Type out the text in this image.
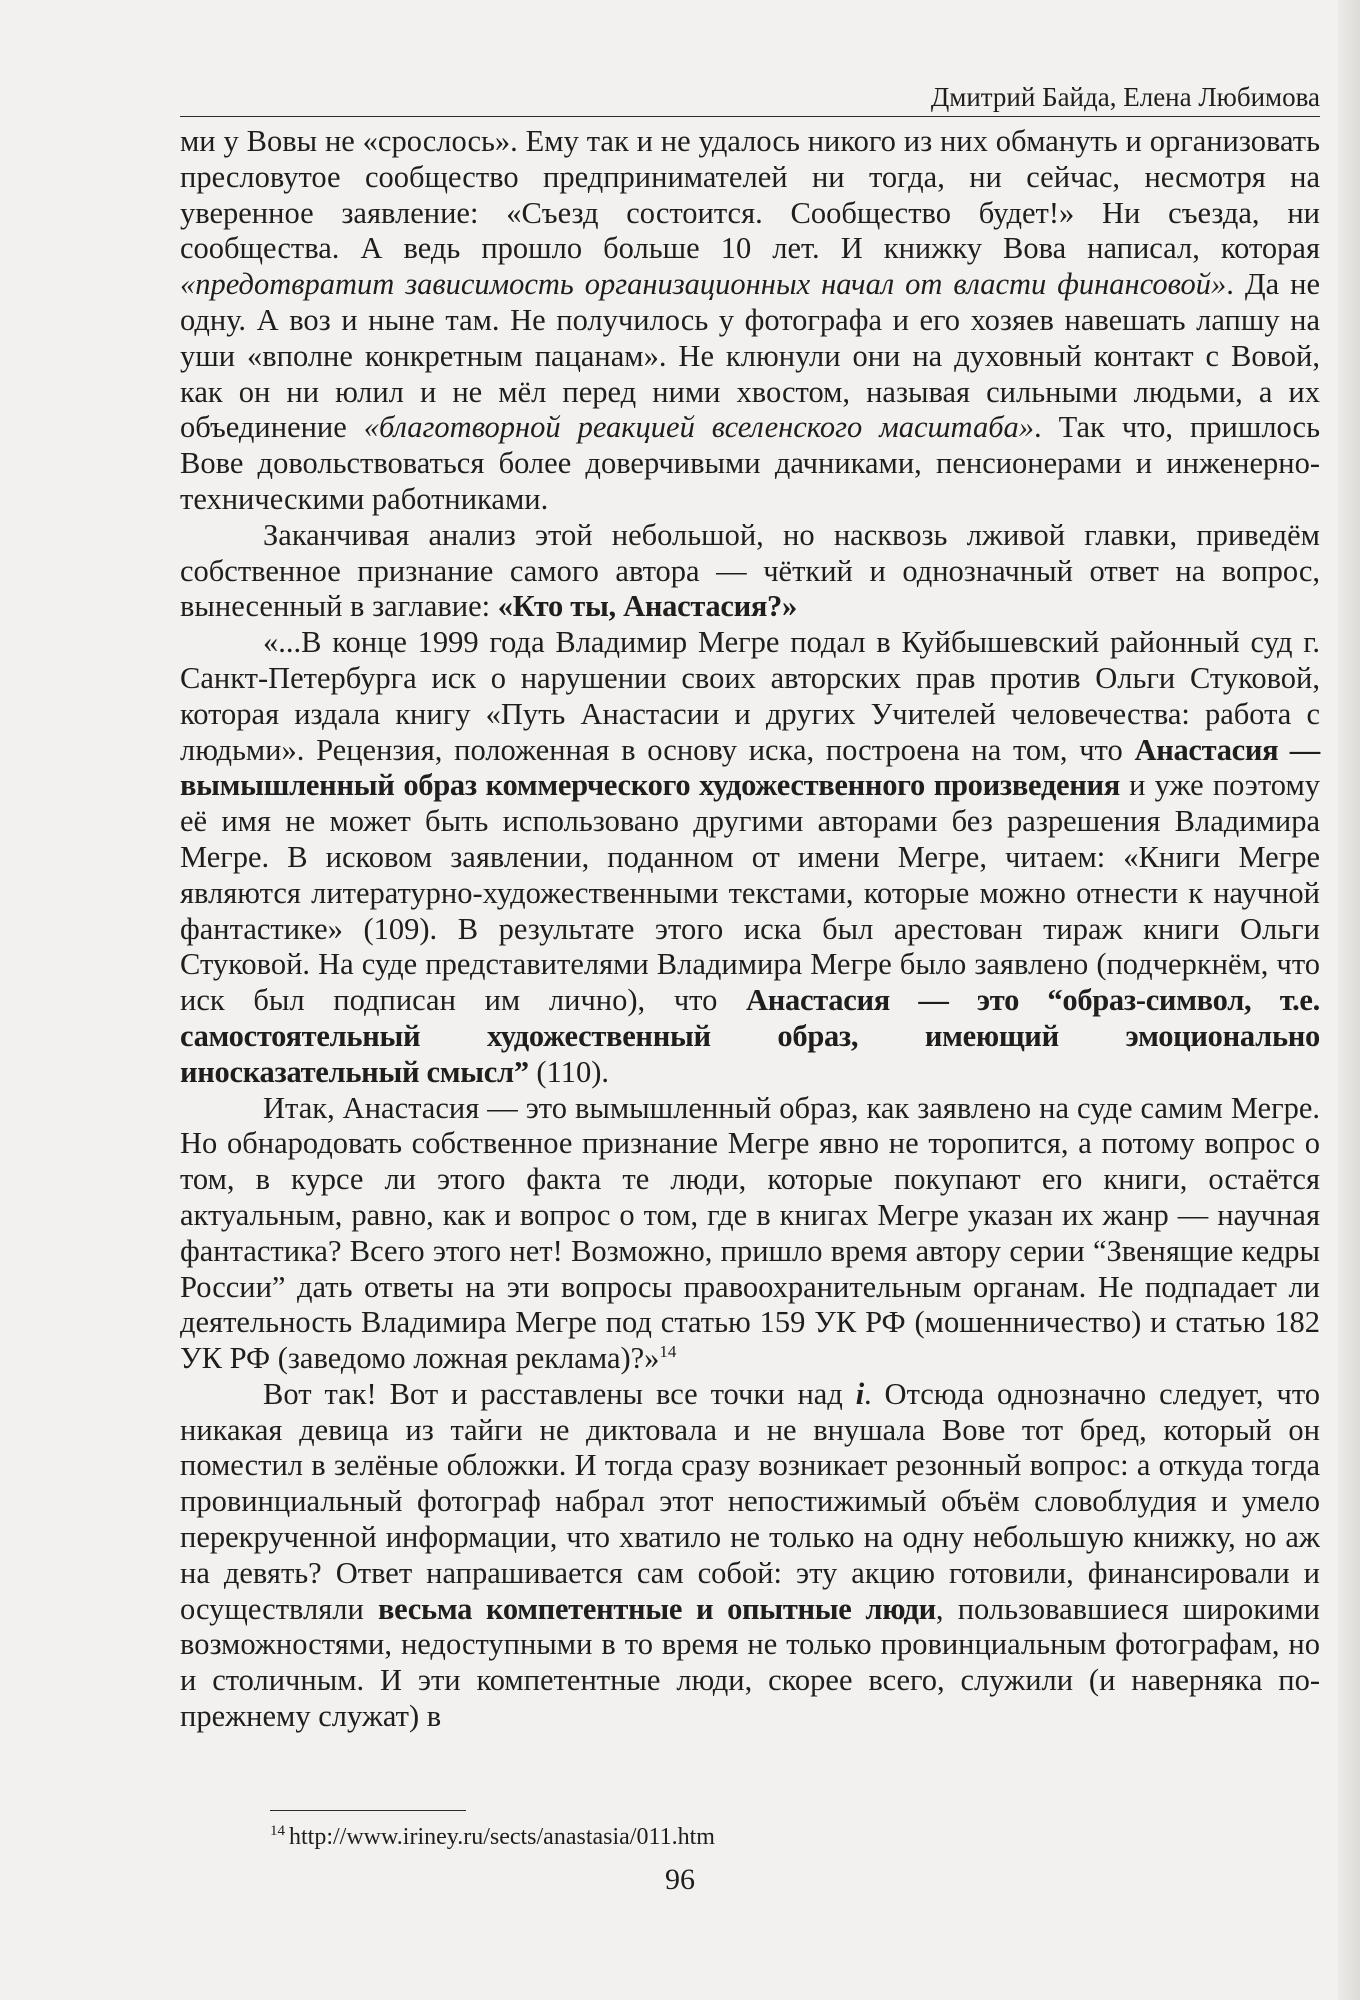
Дмитрий Байда, Елена Любимова

ми у Вовы не «срослось». Ему так и не удалось никого из них обмануть и организовать пресловутое сообщество предпринимателей ни тогда, ни сейчас, несмотря на уверенное заявление: «Съезд состоится. Сообщество будет!» Ни съезда, ни сообщества. А ведь прошло больше 10 лет. И книжку Вова написал, которая «предотвратит зависимость организационных начал от власти финансовой». Да не одну. А воз и ныне там. Не получилось у фотографа и его хозяев навешать лапшу на уши «вполне конкретным пацанам». Не клюнули они на духовный контакт с Вовой, как он ни юлил и не мёл перед ними хвостом, называя сильными людьми, а их объединение «благотворной реакцией вселенского масштаба». Так что, пришлось Вове довольствоваться более доверчивыми дачниками, пенсионерами и инженерно-техническими работниками.

Заканчивая анализ этой небольшой, но насквозь лживой главки, приведём собственное признание самого автора — чёткий и однозначный ответ на вопрос, вынесенный в заглавие: «Кто ты, Анастасия?»

«...В конце 1999 года Владимир Мегре подал в Куйбышевский районный суд г. Санкт-Петербурга иск о нарушении своих авторских прав против Ольги Стуковой, которая издала книгу «Путь Анастасии и других Учителей человечества: работа с людьми». Рецензия, положенная в основу иска, построена на том, что Анастасия — вымышленный образ коммерческого художественного произведения и уже поэтому её имя не может быть использовано другими авторами без разрешения Владимира Мегре. В исковом заявлении, поданном от имени Мегре, читаем: «Книги Мегре являются литературно-художественными текстами, которые можно отнести к научной фантастике» (109). В результате этого иска был арестован тираж книги Ольги Стуковой. На суде представителями Владимира Мегре было заявлено (подчеркнём, что иск был подписан им лично), что Анастасия — это “образ-символ, т.е. самостоятельный художественный образ, имеющий эмоционально иносказательный смысл” (110).

Итак, Анастасия — это вымышленный образ, как заявлено на суде самим Мегре. Но обнародовать собственное признание Мегре явно не торопится, а потому вопрос о том, в курсе ли этого факта те люди, которые покупают его книги, остаётся актуальным, равно, как и вопрос о том, где в книгах Мегре указан их жанр — научная фантастика? Всего этого нет! Возможно, пришло время автору серии “Звенящие кедры России” дать ответы на эти вопросы правоохранительным органам. Не подпадает ли деятельность Владимира Мегре под статью 159 УК РФ (мошенничество) и статью 182 УК РФ (заведомо ложная реклама)?»$^{14}$

Вот так! Вот и расставлены все точки над i. Отсюда однозначно следует, что никакая девица из тайги не диктовала и не внушала Вове тот бред, который он поместил в зелёные обложки. И тогда сразу возникает резонный вопрос: а откуда тогда провинциальный фотограф набрал этот непостижимый объём словоблудия и умело перекрученной информации, что хватило не только на одну небольшую книжку, но аж на девять? Ответ напрашивается сам собой: эту акцию готовили, финансировали и осуществляли весьма компетентные и опытные люди, пользовавшиеся широкими возможностями, недоступными в то время не только провинциальным фотографам, но и столичным. И эти компетентные люди, скорее всего, служили (и наверняка по-прежнему служат) в

$^{14}$ http://www.iriney.ru/sects/anastasia/011.htm
96
